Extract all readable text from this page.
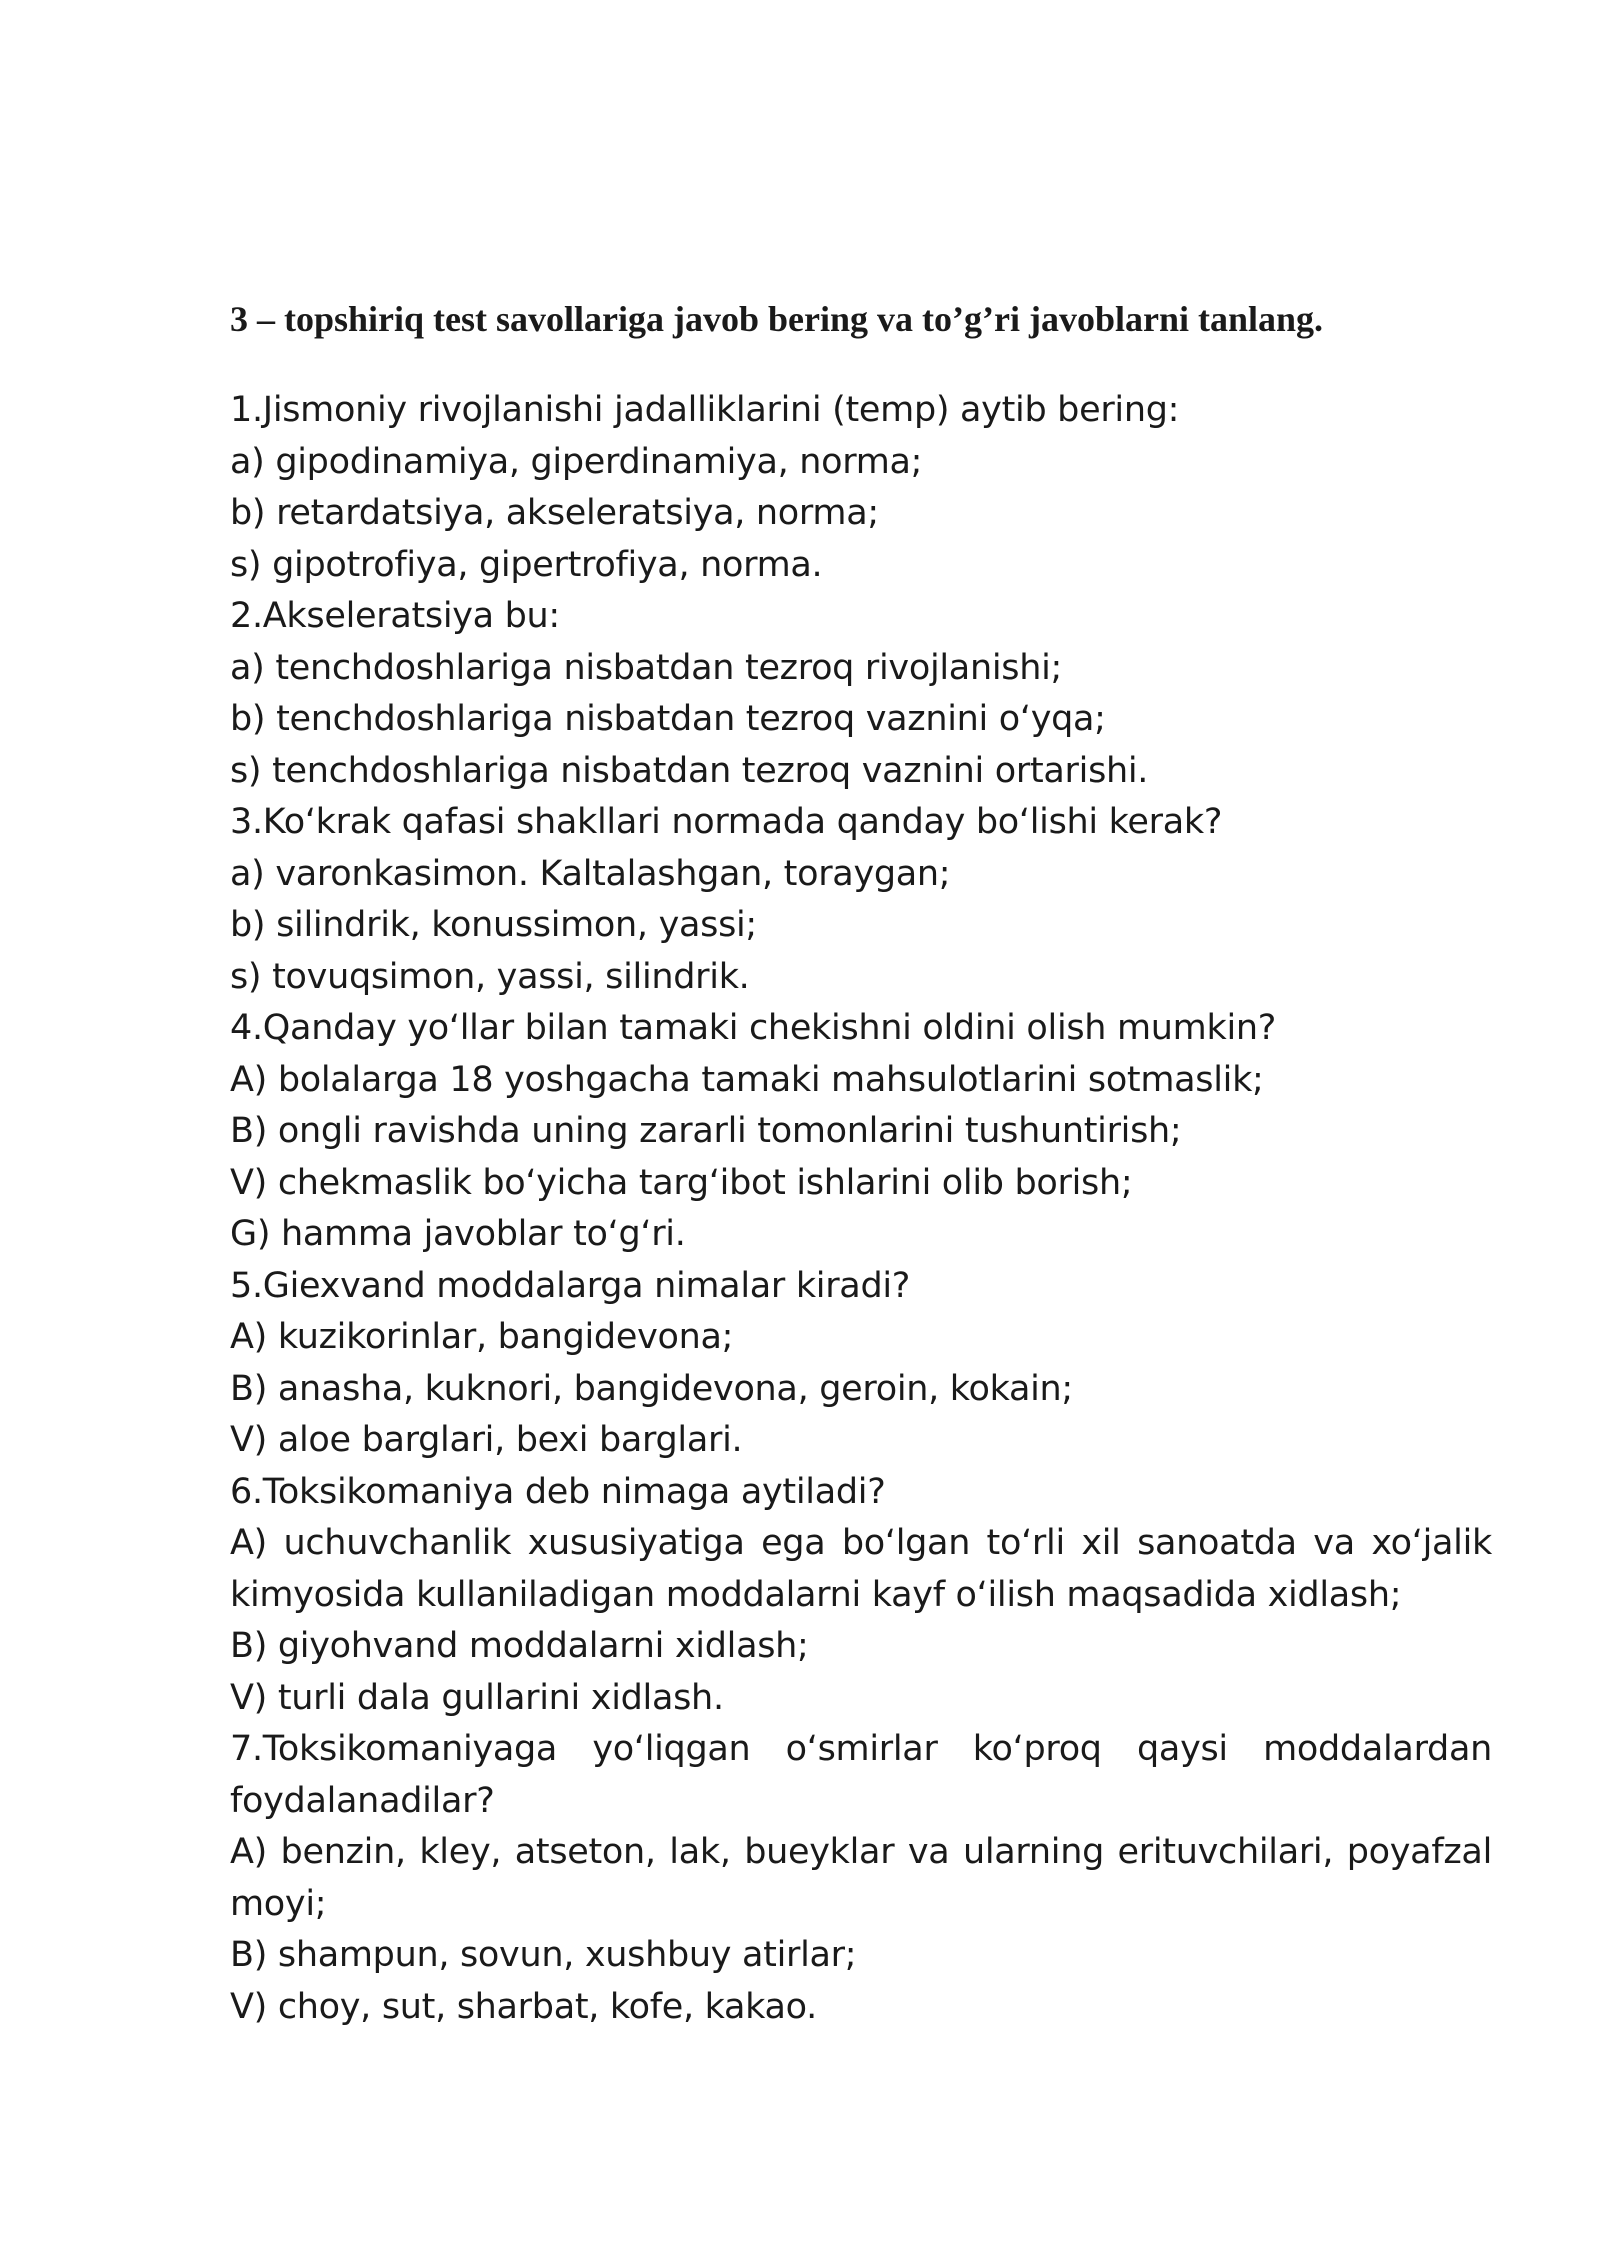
3 – topshiriq test savollariga javob bering va to’g’ri javoblarni tanlang.

1.Jismoniy rivojlanishi jadalliklarini (temp) aytib bering:

a) gipodinamiya, giperdinamiya, norma;

b) retardatsiya, akseleratsiya, norma;

s) gipotrofiya, gipertrofiya, norma.

2.Akseleratsiya bu:

a) tenchdoshlariga nisbatdan tezroq rivojlanishi;

b) tenchdoshlariga nisbatdan tezroq vaznini o‘yqa;

s) tenchdoshlariga nisbatdan tezroq vaznini ortarishi.

3.Ko‘krak qafasi shakllari normada qanday bo‘lishi kerak?

a) varonkasimon. Kaltalashgan, toraygan;

b) silindrik, konussimon, yassi;

s) tovuqsimon, yassi, silindrik.

4.Qanday yo‘llar bilan tamaki chekishni oldini olish mumkin?

A) bolalarga 18 yoshgacha tamaki mahsulotlarini sotmaslik;

B) ongli ravishda uning zararli tomonlarini tushuntirish;

V) chekmaslik bo‘yicha targ‘ibot ishlarini olib borish;

G) hamma javoblar to‘g‘ri.

5.Giexvand moddalarga nimalar kiradi?

A) kuzikorinlar, bangidevona;

B) anasha, kuknori, bangidevona, geroin, kokain;

V) aloe barglari, bexi barglari.

6.Toksikomaniya deb nimaga aytiladi?

A) uchuvchanlik xususiyatiga ega bo‘lgan to‘rli xil sanoatda va xo‘jalik kimyosida kullaniladigan moddalarni kayf o‘ilish maqsadida xidlash;

B) giyohvand moddalarni xidlash;

V) turli dala gullarini xidlash.

7.Toksikomaniyaga yo‘liqgan o‘smirlar ko‘proq qaysi moddalardan foydalanadilar?

A) benzin, kley, atseton, lak, bueyklar va ularning erituvchilari, poyafzal moyi;

B) shampun, sovun, xushbuy atirlar;

V) choy, sut, sharbat, kofe, kakao.
